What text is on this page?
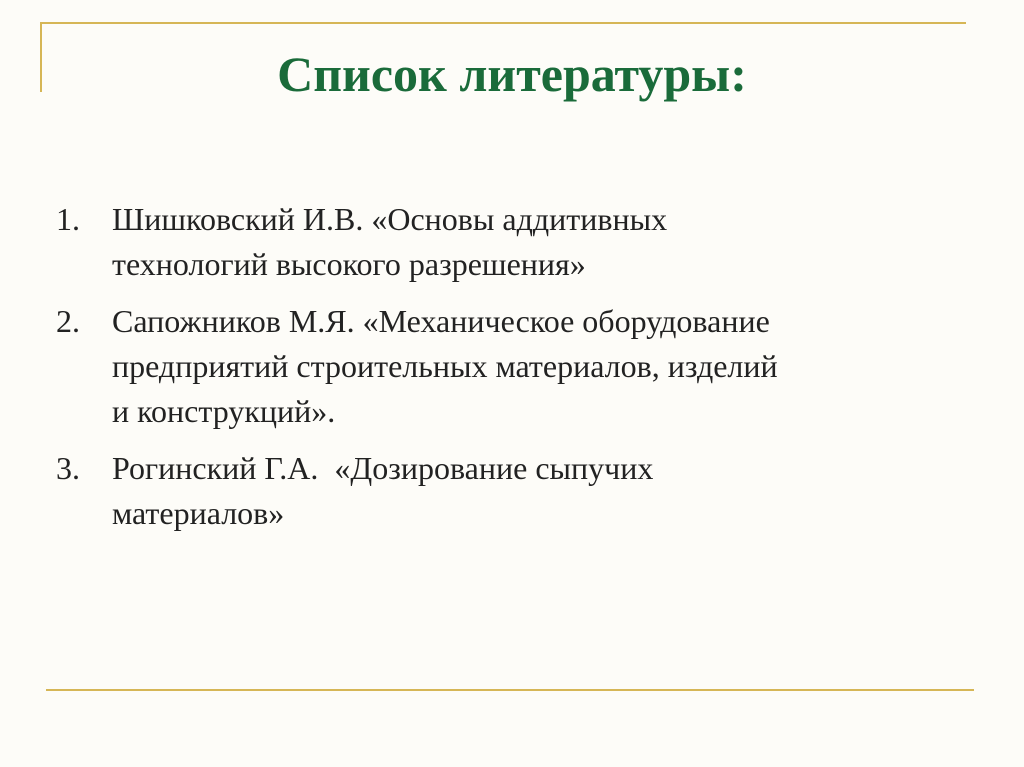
Список литературы:
1.	Шишковский И.В. «Основы аддитивных
технологий высокого разрешения»
2.	Сапожников М.Я. «Механическое оборудование
предприятий строительных материалов, изделий
и конструкций».
3.	Рогинский Г.А.  «Дозирование сыпучих
материалов»
